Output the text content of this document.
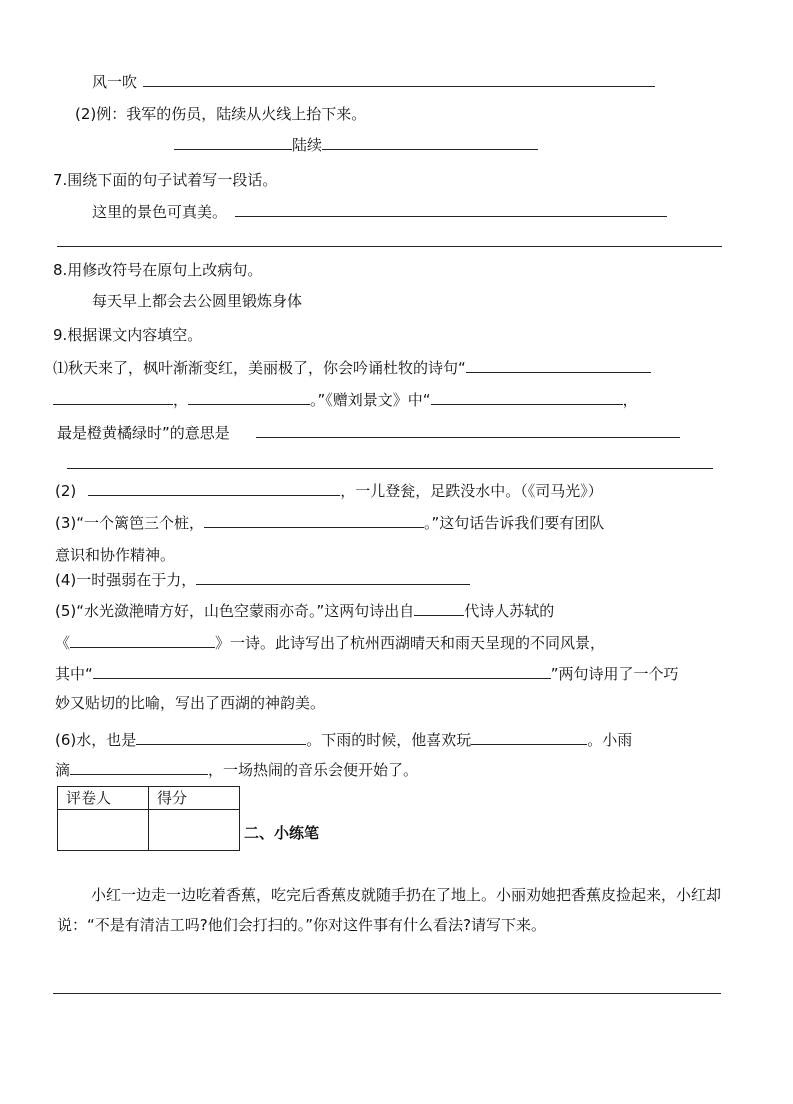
风一吹
(2)例：我军的伤员，陆续从火线上抬下来。
陆续
7.围绕下面的句子试着写一段话。
这里的景色可真美。
8.用修改符号在原句上改病句。
每天早上都会去公圆里锻炼身体
9.根据课文内容填空。
⑴秋天来了，枫叶渐渐变红，美丽极了，你会吟诵杜牧的诗句“
，	。”《赠刘景文》中“	，
最是橙黄橘绿时”的意思是
(2)	，一儿登瓮，足跌没水中。（《司马光》）
(3)“一个篱笆三个桩，	。”这句话告诉我们要有团队
意识和协作精神。
(4)一时强弱在于力，
(5)“水光潋滟晴方好，山色空蒙雨亦奇。”这两句诗出自	代诗人苏轼的
《	》一诗。此诗写出了杭州西湖晴天和雨天呈现的不同风景，
其中“	”两句诗用了一个巧
妙又贴切的比喻，写出了西湖的神韵美。
(6)水，也是	。下雨的时候，他喜欢玩	。小雨
滴	，一场热闹的音乐会便开始了。
评卷人	得分

二、小练笔
小红一边走一边吃着香蕉，吃完后香蕉皮就随手扔在了地上。小丽劝她把香蕉皮捡起来，小红却说：“不是有清洁工吗?他们会打扫的。”你对这件事有什么看法?请写下来。
